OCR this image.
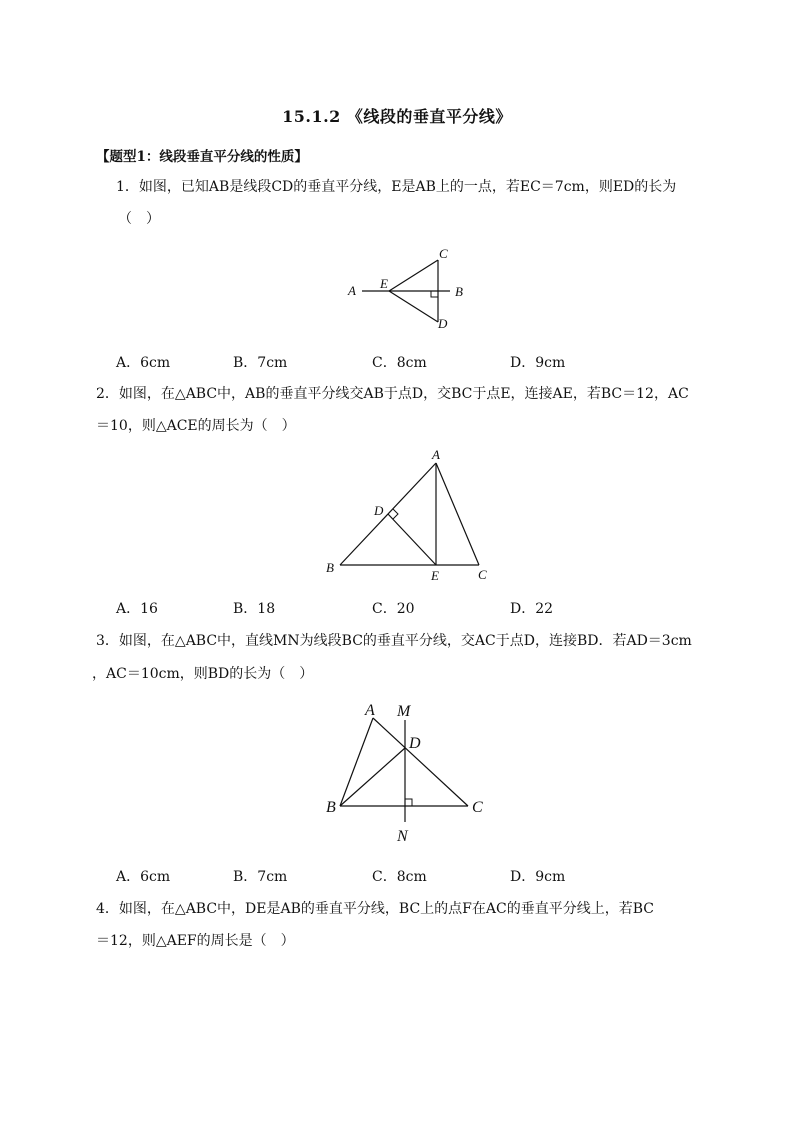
15.1.2 《线段的垂直平分线》
【题型1：线段垂直平分线的性质】
1．如图，已知AB是线段CD的垂直平分线，E是AB上的一点，若EC＝7cm，则ED的长为
（　）
A	B
C
D
E
A．6cm	B．7cm	C．8cm	D．9cm
2．如图，在△ABC中，AB的垂直平分线交AB于点D，交BC于点E，连接AE，若BC＝12，AC
＝10，则△ACE的周长为（　）
A
B	C
D
E
A．16	B．18	C．20	D．22
3．如图，在△ABC中，直线MN为线段BC的垂直平分线，交AC于点D，连接BD．若AD＝3cm
，AC＝10cm，则BD的长为（　）
A
B	C
D
M
N
A．6cm	B．7cm	C．8cm	D．9cm
4．如图，在△ABC中，DE是AB的垂直平分线，BC上的点F在AC的垂直平分线上，若BC
＝12，则△AEF的周长是（　）
